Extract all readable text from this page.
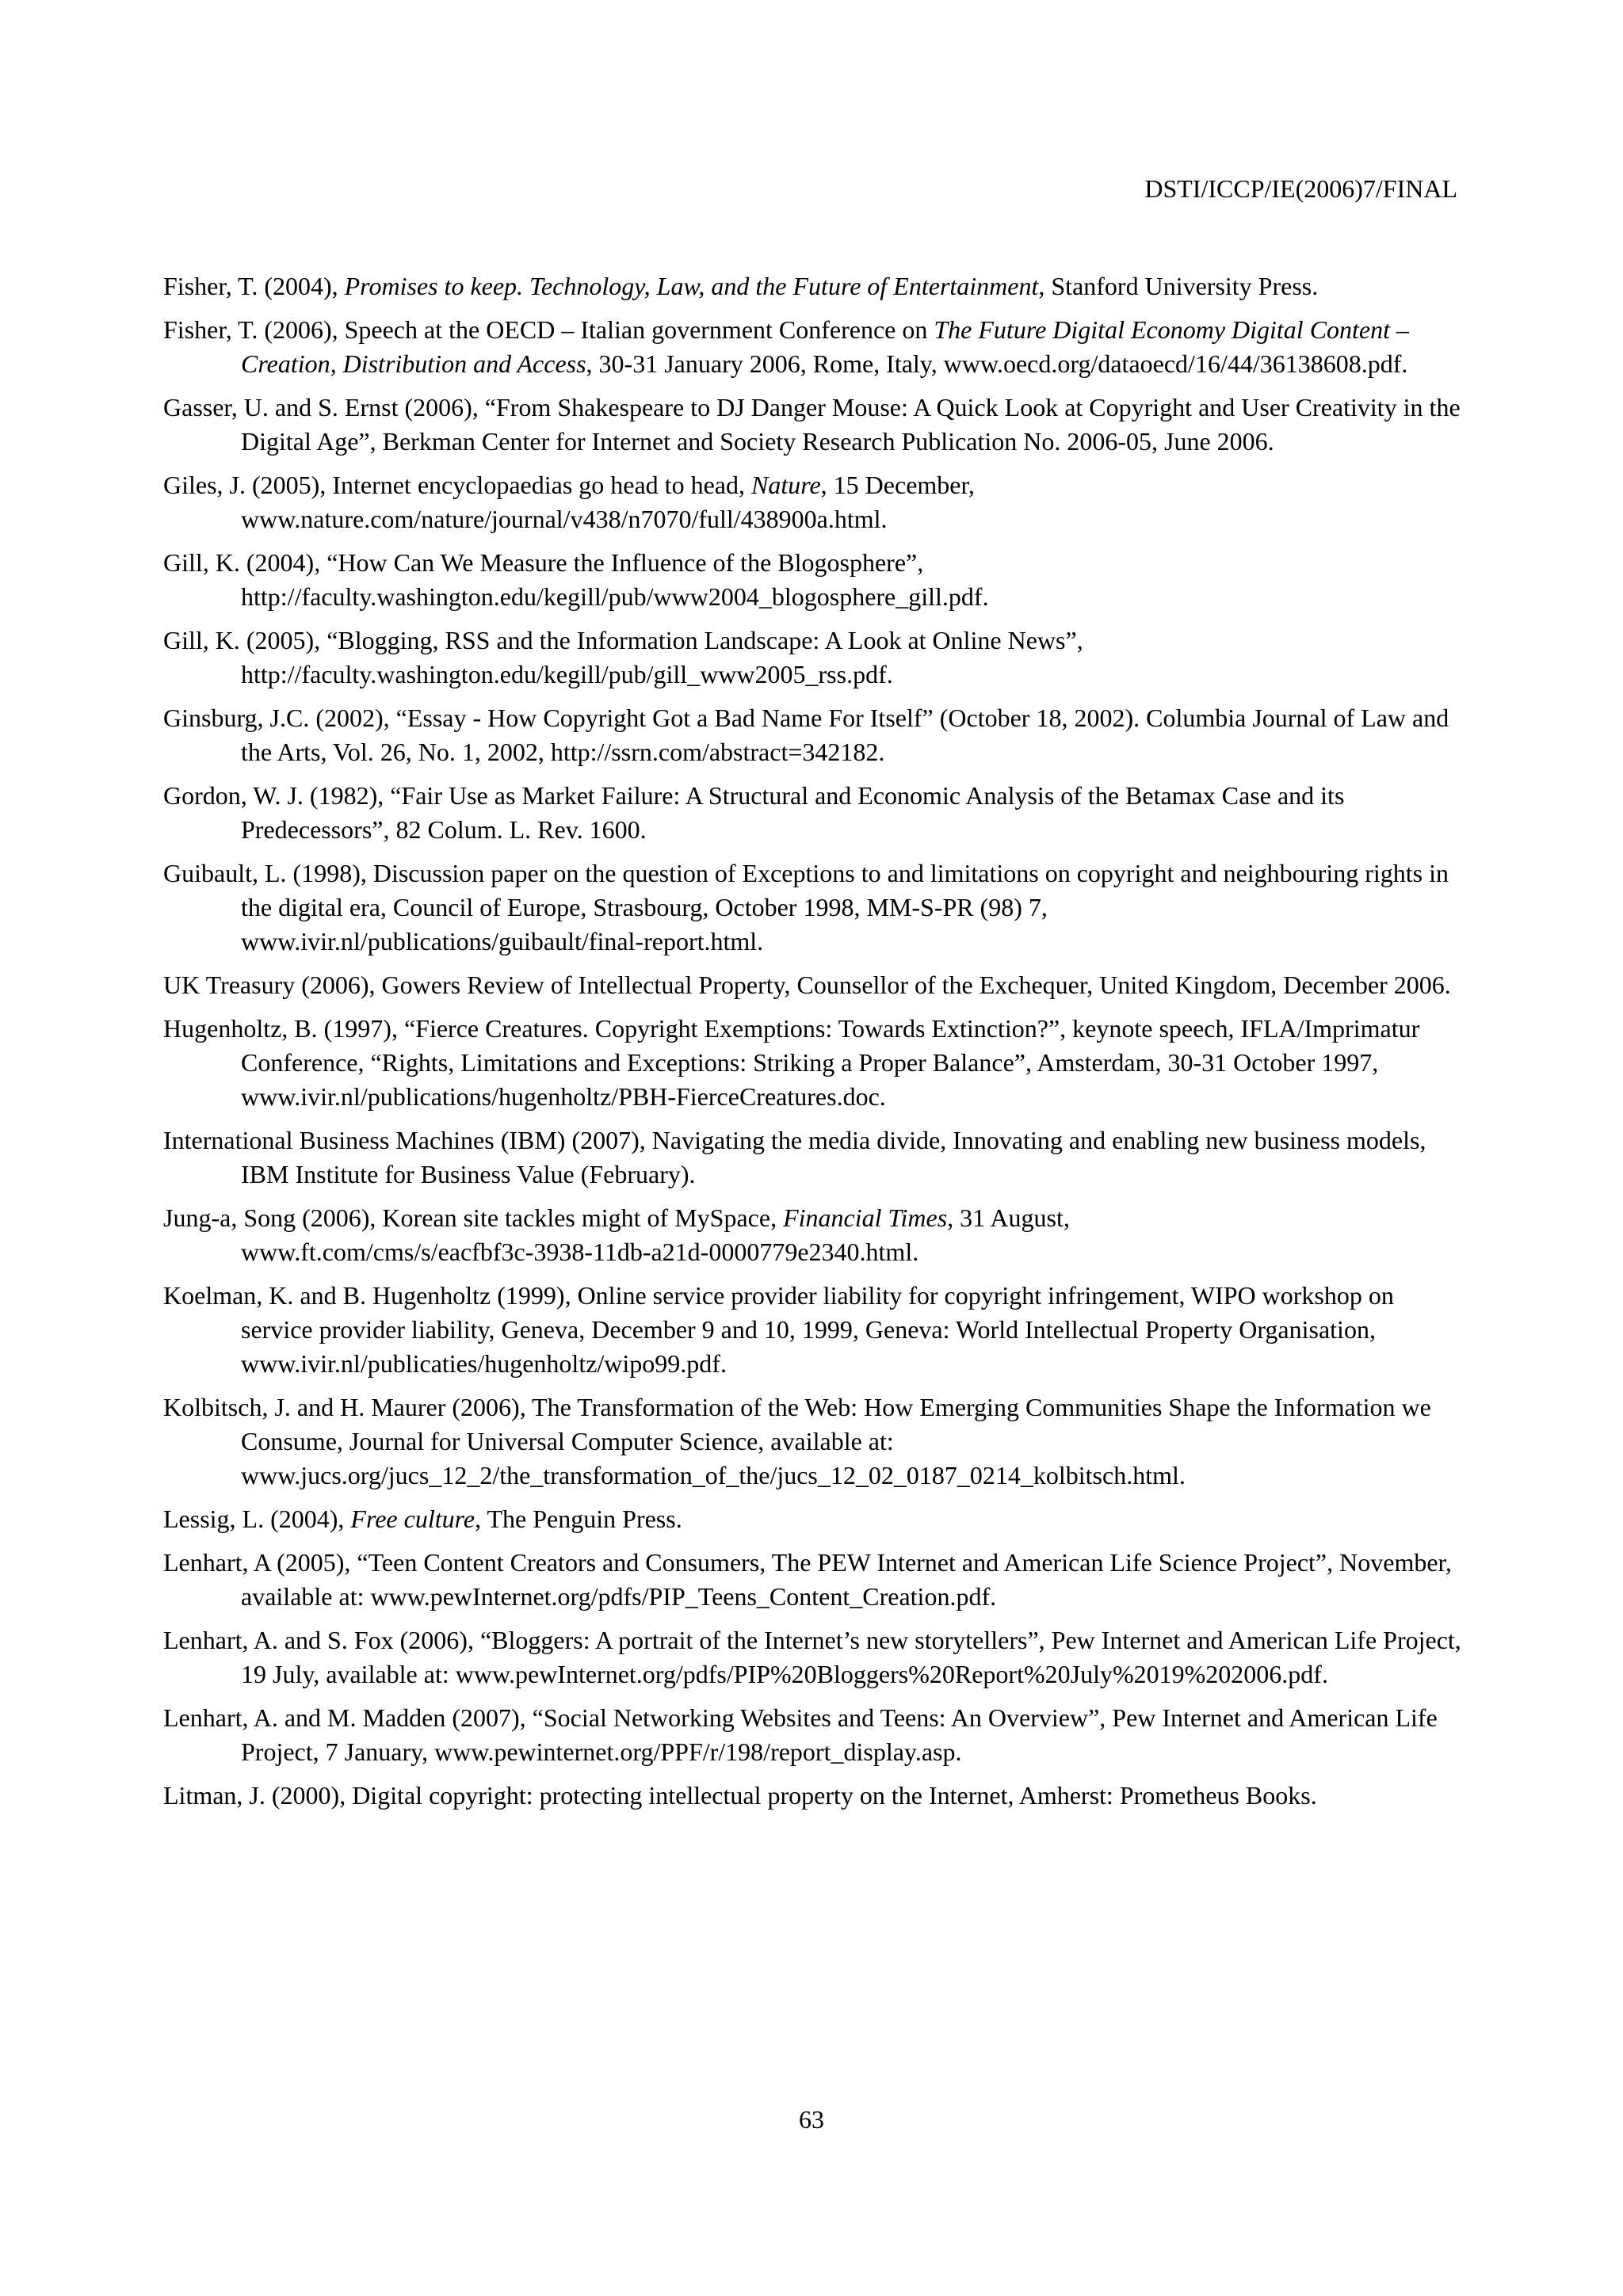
DSTI/ICCP/IE(2006)7/FINAL

Fisher, T. (2004), Promises to keep. Technology, Law, and the Future of Entertainment, Stanford University Press.

Fisher, T. (2006), Speech at the OECD – Italian government Conference on The Future Digital Economy Digital Content – Creation, Distribution and Access, 30-31 January 2006, Rome, Italy, www.oecd.org/dataoecd/16/44/36138608.pdf.

Gasser, U. and S. Ernst (2006), “From Shakespeare to DJ Danger Mouse: A Quick Look at Copyright and User Creativity in the Digital Age”, Berkman Center for Internet and Society Research Publication No. 2006-05, June 2006.

Giles, J. (2005), Internet encyclopaedias go head to head, Nature, 15 December, www.nature.com/nature/journal/v438/n7070/full/438900a.html.

Gill, K. (2004), “How Can We Measure the Influence of the Blogosphere”, http://faculty.washington.edu/kegill/pub/www2004_blogosphere_gill.pdf.

Gill, K. (2005), “Blogging, RSS and the Information Landscape: A Look at Online News”, http://faculty.washington.edu/kegill/pub/gill_www2005_rss.pdf.

Ginsburg, J.C. (2002), “Essay - How Copyright Got a Bad Name For Itself” (October 18, 2002). Columbia Journal of Law and the Arts, Vol. 26, No. 1, 2002, http://ssrn.com/abstract=342182.

Gordon, W. J. (1982), “Fair Use as Market Failure: A Structural and Economic Analysis of the Betamax Case and its Predecessors”, 82 Colum. L. Rev. 1600.

Guibault, L. (1998), Discussion paper on the question of Exceptions to and limitations on copyright and neighbouring rights in the digital era, Council of Europe, Strasbourg, October 1998, MM-S-PR (98) 7, www.ivir.nl/publications/guibault/final-report.html.

UK Treasury (2006), Gowers Review of Intellectual Property, Counsellor of the Exchequer, United Kingdom, December 2006.

Hugenholtz, B. (1997), “Fierce Creatures. Copyright Exemptions: Towards Extinction?”, keynote speech, IFLA/Imprimatur Conference, “Rights, Limitations and Exceptions: Striking a Proper Balance”, Amsterdam, 30-31 October 1997, www.ivir.nl/publications/hugenholtz/PBH-FierceCreatures.doc.

International Business Machines (IBM) (2007), Navigating the media divide, Innovating and enabling new business models, IBM Institute for Business Value (February).

Jung-a, Song (2006), Korean site tackles might of MySpace, Financial Times, 31 August, www.ft.com/cms/s/eacfbf3c-3938-11db-a21d-0000779e2340.html.

Koelman, K. and B. Hugenholtz (1999), Online service provider liability for copyright infringement, WIPO workshop on service provider liability, Geneva, December 9 and 10, 1999, Geneva: World Intellectual Property Organisation, www.ivir.nl/publicaties/hugenholtz/wipo99.pdf.

Kolbitsch, J. and H. Maurer (2006), The Transformation of the Web: How Emerging Communities Shape the Information we Consume, Journal for Universal Computer Science, available at: www.jucs.org/jucs_12_2/the_transformation_of_the/jucs_12_02_0187_0214_kolbitsch.html.

Lessig, L. (2004), Free culture, The Penguin Press.

Lenhart, A (2005), “Teen Content Creators and Consumers, The PEW Internet and American Life Science Project”, November, available at: www.pewInternet.org/pdfs/PIP_Teens_Content_Creation.pdf.

Lenhart, A. and S. Fox (2006), “Bloggers: A portrait of the Internet’s new storytellers”, Pew Internet and American Life Project, 19 July, available at: www.pewInternet.org/pdfs/PIP%20Bloggers%20Report%20July%2019%202006.pdf.

Lenhart, A. and M. Madden (2007), “Social Networking Websites and Teens: An Overview”, Pew Internet and American Life Project, 7 January, www.pewinternet.org/PPF/r/198/report_display.asp.

Litman, J. (2000), Digital copyright: protecting intellectual property on the Internet, Amherst: Prometheus Books.

63
